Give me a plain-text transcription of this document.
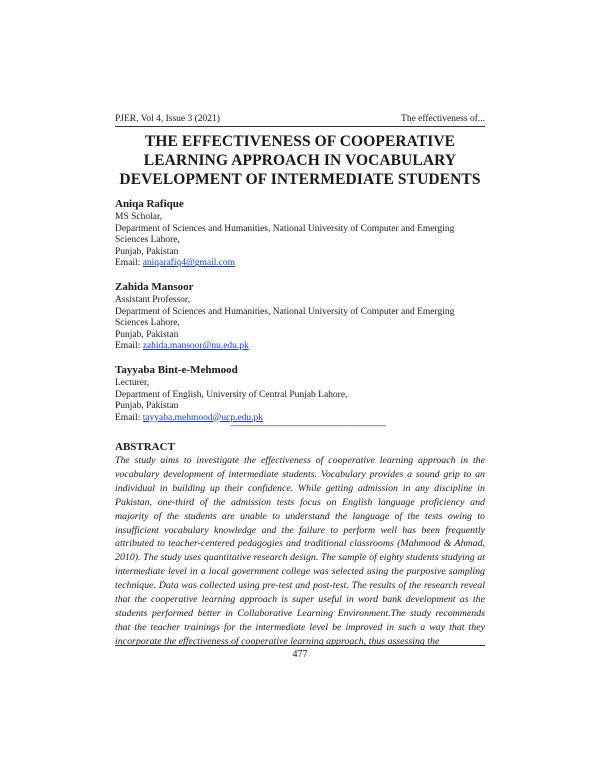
PJER, Vol 4, Issue 3 (2021)	The effectiveness of...
THE EFFECTIVENESS OF COOPERATIVE
LEARNING APPROACH IN VOCABULARY
DEVELOPMENT OF INTERMEDIATE STUDENTS
Aniqa Rafique
MS Scholar,
Department of Sciences and Humanities, National University of Computer and Emerging
Sciences Lahore,
Punjab, Pakistan
Email: aniqarafiq4@gmail.com
Zahida Mansoor
Assistant Professor,
Department of Sciences and Humanities, National University of Computer and Emerging
Sciences Lahore,
Punjab, Pakistan
Email: zahida.mansoor@nu.edu.pk
Tayyaba Bint-e-Mehmood
Lecturer,
Department of English, University of Central Punjab Lahore,
Punjab, Pakistan
Email: tayyaba.mehmood@ucp.edu.pk
------------------------------------------------------------------------
ABSTRACT

The study aims to investigate the effectiveness of cooperative learning approach in the vocabulary development of intermediate students. Vocabulary provides a sound grip to an individual in building up their confidence. While getting admission in any discipline in Pakistan, one-third of the admission tests focus on English language proficiency and majority of the students are unable to understand the language of the tests owing to insufficient vocabulary knowledge and the failure to perform well has been frequently attributed to teacher-centered pedagogies and traditional classrooms (Mahmood & Ahmad, 2010). The study uses quantitative research design. The sample of eighty students studying at intermediate level in a local government college was selected using the purposive sampling technique. Data was collected using pre-test and post-test. The results of the research reveal that the cooperative learning approach is super useful in word bank development as the students performed better in Collaborative Learning Environment.The study recommends that the teacher trainings for the intermediate level be improved in such a way that they incorporate the effectiveness of cooperative learning approach, thus assessing the

477
